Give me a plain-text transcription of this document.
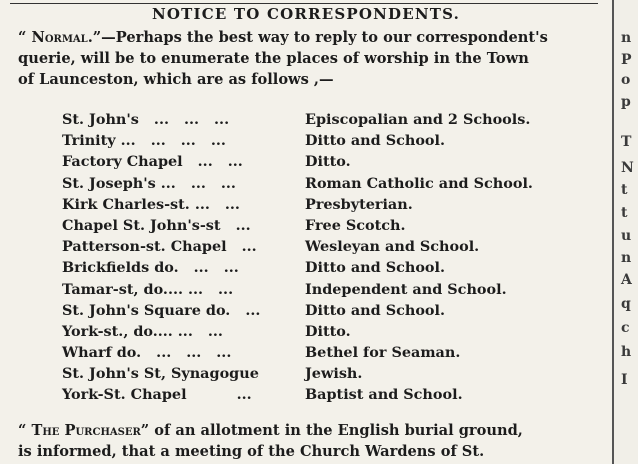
NOTICE TO CORRESPONDENTS.
“ Normal.”—Perhaps the best way to reply to our correspondent's
querie, will be to enumerate the places of worship in the Town
of Launceston, which are as follows ,—
St. John's   ...   ...   ...	Episcopalian and 2 Schools.
Trinity ...   ...   ...   ...	Ditto and School.
Factory Chapel   ...   ...	Ditto.
St. Joseph's ...   ...   ...	Roman Catholic and School.
Kirk Charles-st. ...   ...	Presbyterian.
Chapel St. John's-st   ...	Free Scotch.
Patterson-st. Chapel   ...	Wesleyan and School.
Brickfields do.   ...   ...	Ditto and School.
Tamar-st, do.... ...   ...	Independent and School.
St. John's Square do.   ...	Ditto and School.
York-st., do.... ...   ...	Ditto.
Wharf do.   ...   ...   ...	Bethel for Seaman.
St. John's St, Synagogue	Jewish.
York-St. Chapel          ...	Baptist and School.
“ The Purchaser” of an allotment in the English burial ground,
is informed, that a meeting of the Church Wardens of St.
n
P
o
p
T
N
t
t
u
n
A
q
c
h
I
